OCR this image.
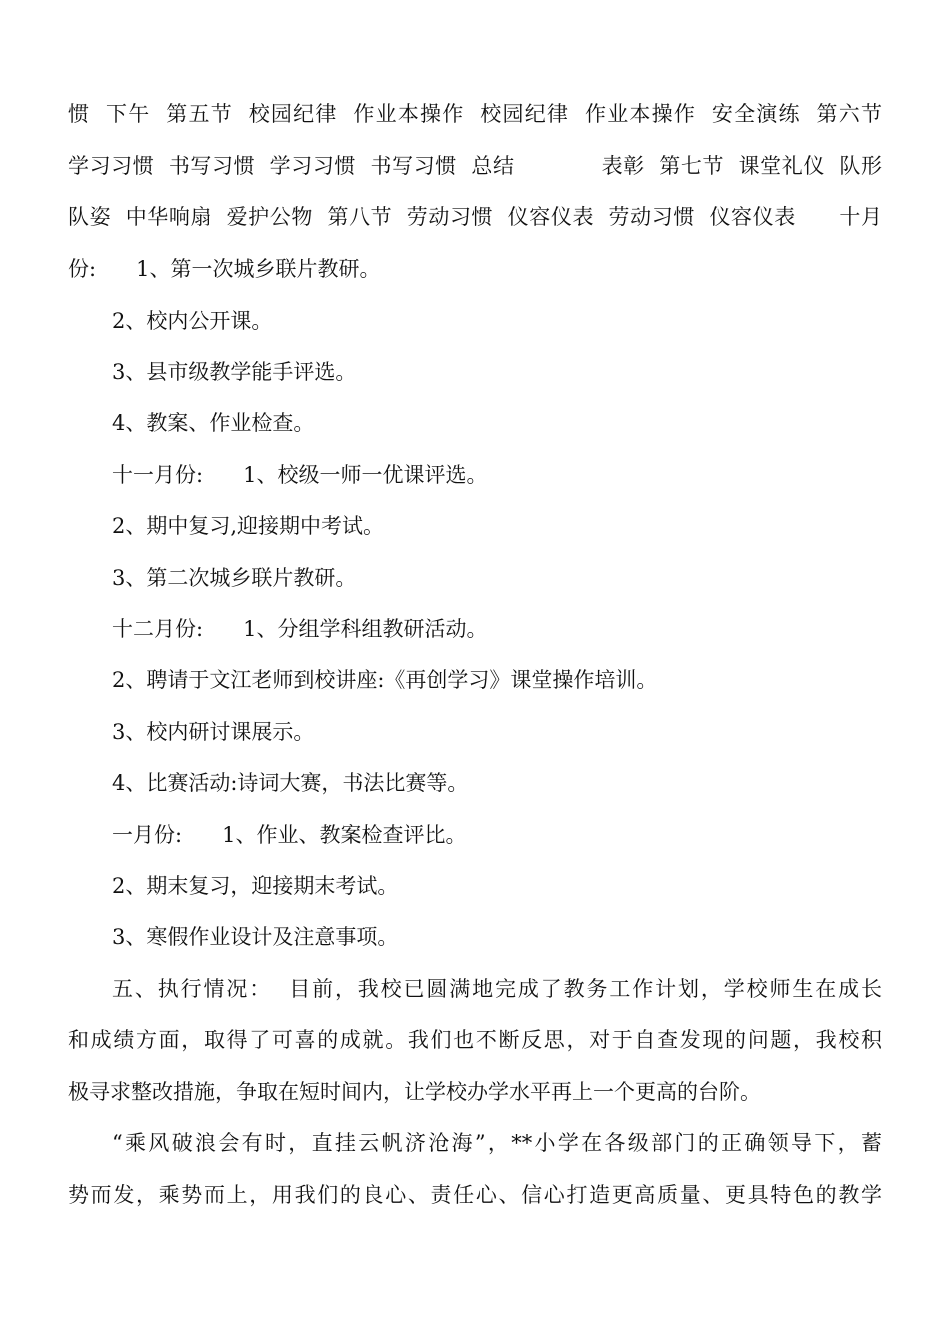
惯  下午  第五节  校园纪律  作业本操作  校园纪律  作业本操作  安全演练  第六节

学习习惯  书写习惯  学习习惯  书写习惯  总结            表彰  第七节  课堂礼仪  队形

队姿  中华响扇  爱护公物  第八节  劳动习惯  仪容仪表  劳动习惯  仪容仪表      十月

份:      1、第一次城乡联片教研。

2、校内公开课。

3、县市级教学能手评选。

4、教案、作业检查。

十一月份:      1、校级一师一优课评选。

2、期中复习,迎接期中考试。

3、第二次城乡联片教研。

十二月份:      1、分组学科组教研活动。

2、聘请于文江老师到校讲座:《再创学习》课堂操作培训。

3、校内研讨课展示。

4、比赛活动:诗词大赛，书法比赛等。

一月份:      1、作业、教案检查评比。

2、期末复习，迎接期末考试。

3、寒假作业设计及注意事项。

五、执行情况：  目前，我校已圆满地完成了教务工作计划，学校师生在成长

和成绩方面，取得了可喜的成就。我们也不断反思，对于自查发现的问题，我校积

极寻求整改措施，争取在短时间内，让学校办学水平再上一个更高的台阶。

“乘风破浪会有时，直挂云帆济沧海”，**小学在各级部门的正确领导下，蓄

势而发，乘势而上，用我们的良心、责任心、信心打造更高质量、更具特色的教学
